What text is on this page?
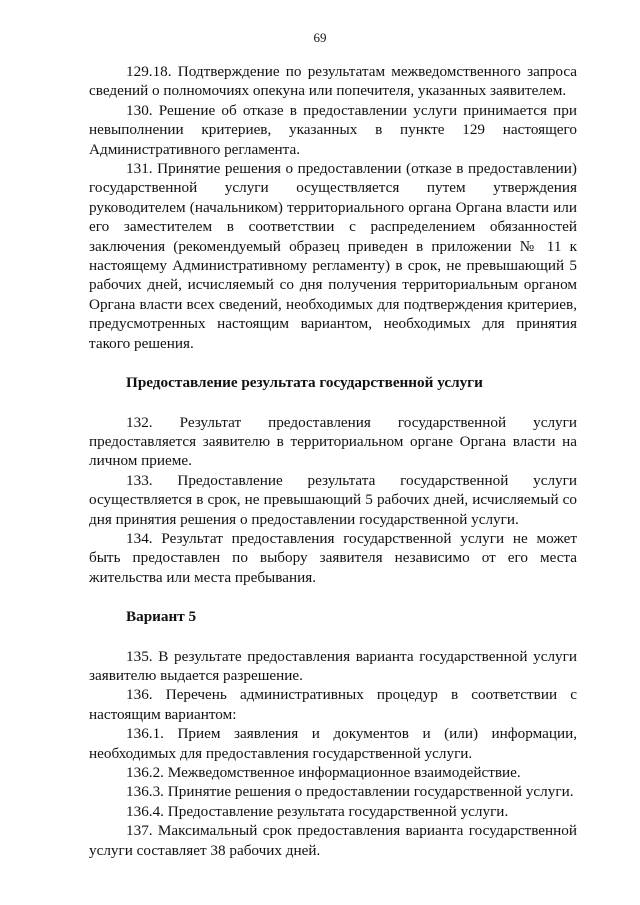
69

129.18. Подтверждение по результатам межведомственного запроса сведений о полномочиях опекуна или попечителя, указанных заявителем.

130. Решение об отказе в предоставлении услуги принимается при невыполнении критериев, указанных в пункте 129 настоящего Административного регламента.

131. Принятие решения о предоставлении (отказе в предоставлении) государственной услуги осуществляется путем утверждения руководителем (начальником) территориального органа Органа власти или его заместителем в соответствии с распределением обязанностей заключения (рекомендуемый образец приведен в приложении № 11 к настоящему Административному регламенту) в срок, не превышающий 5 рабочих дней, исчисляемый со дня получения территориальным органом Органа власти всех сведений, необходимых для подтверждения критериев, предусмотренных настоящим вариантом, необходимых для принятия такого решения.

Предоставление результата государственной услуги

132. Результат предоставления государственной услуги предоставляется заявителю в территориальном органе Органа власти на личном приеме.

133. Предоставление результата государственной услуги осуществляется в срок, не превышающий 5 рабочих дней, исчисляемый со дня принятия решения о предоставлении государственной услуги.

134. Результат предоставления государственной услуги не может быть предоставлен по выбору заявителя независимо от его места жительства или места пребывания.

Вариант 5

135. В результате предоставления варианта государственной услуги заявителю выдается разрешение.

136. Перечень административных процедур в соответствии с настоящим вариантом:

136.1. Прием заявления и документов и (или) информации, необходимых для предоставления государственной услуги.

136.2. Межведомственное информационное взаимодействие.

136.3. Принятие решения о предоставлении государственной услуги.

136.4. Предоставление результата государственной услуги.

137. Максимальный срок предоставления варианта государственной услуги составляет 38 рабочих дней.
